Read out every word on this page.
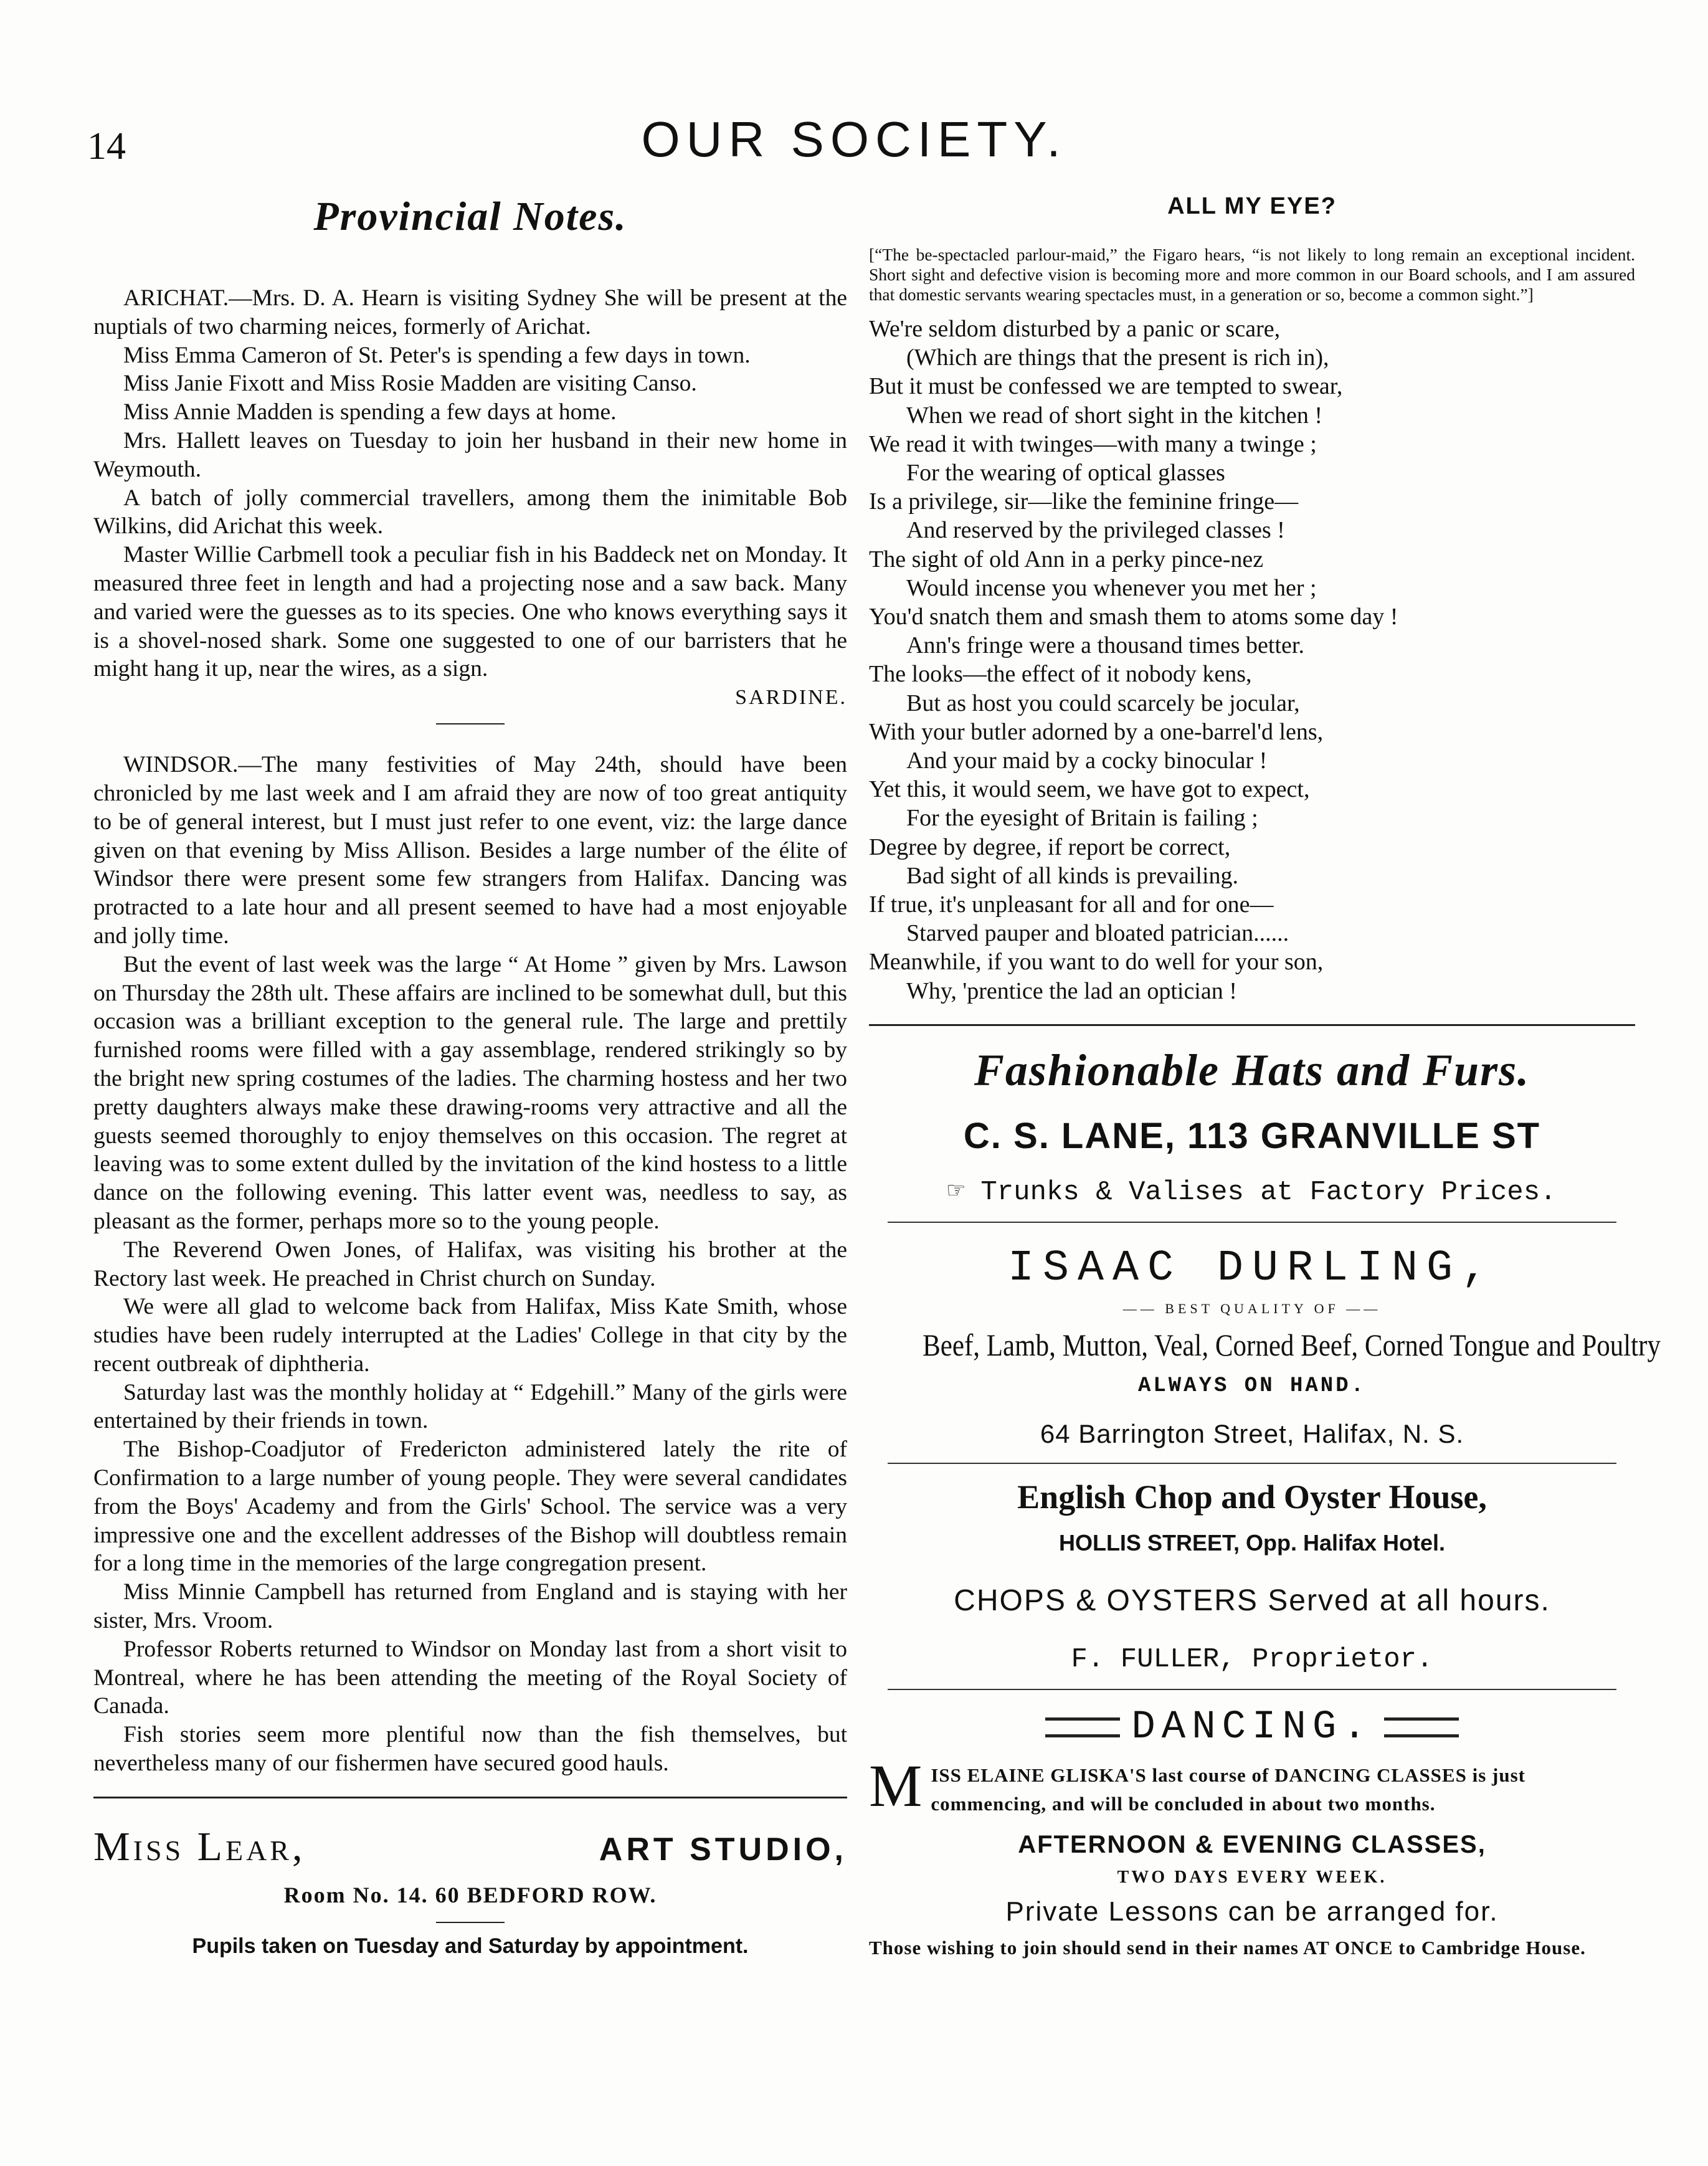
14	OUR SOCIETY.
Provincial Notes.

ARICHAT.—Mrs. D. A. Hearn is visiting Sydney She will be present at the nuptials of two charming neices, formerly of Arichat.

Miss Emma Cameron of St. Peter's is spending a few days in town.

Miss Janie Fixott and Miss Rosie Madden are visiting Canso.

Miss Annie Madden is spending a few days at home.

Mrs. Hallett leaves on Tuesday to join her husband in their new home in Weymouth.

A batch of jolly commercial travellers, among them the inimitable Bob Wilkins, did Arichat this week.

Master Willie Carbmell took a peculiar fish in his Baddeck net on Monday. It measured three feet in length and had a projecting nose and a saw back. Many and varied were the guesses as to its species. One who knows everything says it is a shovel-nosed shark. Some one suggested to one of our barristers that he might hang it up, near the wires, as a sign.

SARDINE.

WINDSOR.—The many festivities of May 24th, should have been chronicled by me last week and I am afraid they are now of too great antiquity to be of general interest, but I must just refer to one event, viz: the large dance given on that evening by Miss Allison. Besides a large number of the élite of Windsor there were present some few strangers from Halifax. Dancing was protracted to a late hour and all present seemed to have had a most enjoyable and jolly time.

But the event of last week was the large “ At Home ” given by Mrs. Lawson on Thursday the 28th ult. These affairs are inclined to be somewhat dull, but this occasion was a brilliant exception to the general rule. The large and prettily furnished rooms were filled with a gay assemblage, rendered strikingly so by the bright new spring costumes of the ladies. The charming hostess and her two pretty daughters always make these drawing-rooms very attractive and all the guests seemed thoroughly to enjoy themselves on this occasion. The regret at leaving was to some extent dulled by the invitation of the kind hostess to a little dance on the following evening. This latter event was, needless to say, as pleasant as the former, perhaps more so to the young people.

The Reverend Owen Jones, of Halifax, was visiting his brother at the Rectory last week. He preached in Christ church on Sunday.

We were all glad to welcome back from Halifax, Miss Kate Smith, whose studies have been rudely interrupted at the Ladies' College in that city by the recent outbreak of diphtheria.

Saturday last was the monthly holiday at “ Edgehill.” Many of the girls were entertained by their friends in town.

The Bishop-Coadjutor of Fredericton administered lately the rite of Confirmation to a large number of young people. They were several candidates from the Boys' Academy and from the Girls' School. The service was a very impressive one and the excellent addresses of the Bishop will doubtless remain for a long time in the memories of the large congregation present.

Miss Minnie Campbell has returned from England and is staying with her sister, Mrs. Vroom.

Professor Roberts returned to Windsor on Monday last from a short visit to Montreal, where he has been attending the meeting of the Royal Society of Canada.

Fish stories seem more plentiful now than the fish themselves, but nevertheless many of our fishermen have secured good hauls.

Miss Lear,	ART STUDIO,
Room No. 14. 60 BEDFORD ROW.
Pupils taken on Tuesday and Saturday by appointment.
ALL MY EYE?

[“The be-spectacled parlour-maid,” the Figaro hears, “is not likely to long remain an exceptional incident. Short sight and defective vision is becoming more and more common in our Board schools, and I am assured that domestic servants wearing spectacles must, in a generation or so, become a common sight.”]

We're seldom disturbed by a panic or scare,
(Which are things that the present is rich in),
But it must be confessed we are tempted to swear,
When we read of short sight in the kitchen !
We read it with twinges—with many a twinge ;
For the wearing of optical glasses
Is a privilege, sir—like the feminine fringe—
And reserved by the privileged classes !
The sight of old Ann in a perky pince-nez
Would incense you whenever you met her ;
You'd snatch them and smash them to atoms some day !
Ann's fringe were a thousand times better.
The looks—the effect of it nobody kens,
But as host you could scarcely be jocular,
With your butler adorned by a one-barrel'd lens,
And your maid by a cocky binocular !
Yet this, it would seem, we have got to expect,
For the eyesight of Britain is failing ;
Degree by degree, if report be correct,
Bad sight of all kinds is prevailing.
If true, it's unpleasant for all and for one—
Starved pauper and bloated patrician......
Meanwhile, if you want to do well for your son,
Why, 'prentice the lad an optician !
Fashionable Hats and Furs.
C. S. LANE, 113 GRANVILLE ST
☞ Trunks & Valises at Factory Prices.
ISAAC DURLING,
—— BEST QUALITY OF ——
Beef, Lamb, Mutton, Veal, Corned Beef, Corned Tongue and Poultry
ALWAYS ON HAND.
64 Barrington Street, Halifax, N. S.
English Chop and Oyster House,
HOLLIS STREET, Opp. Halifax Hotel.
CHOPS & OYSTERS Served at all hours.
F. FULLER, Proprietor.
DANCING.
M ISS ELAINE GLISKA'S last course of DANCING CLASSES is just commencing, and will be concluded in about two months.
AFTERNOON & EVENING CLASSES,
TWO DAYS EVERY WEEK.
Private Lessons can be arranged for.
Those wishing to join should send in their names AT ONCE to Cambridge House.
